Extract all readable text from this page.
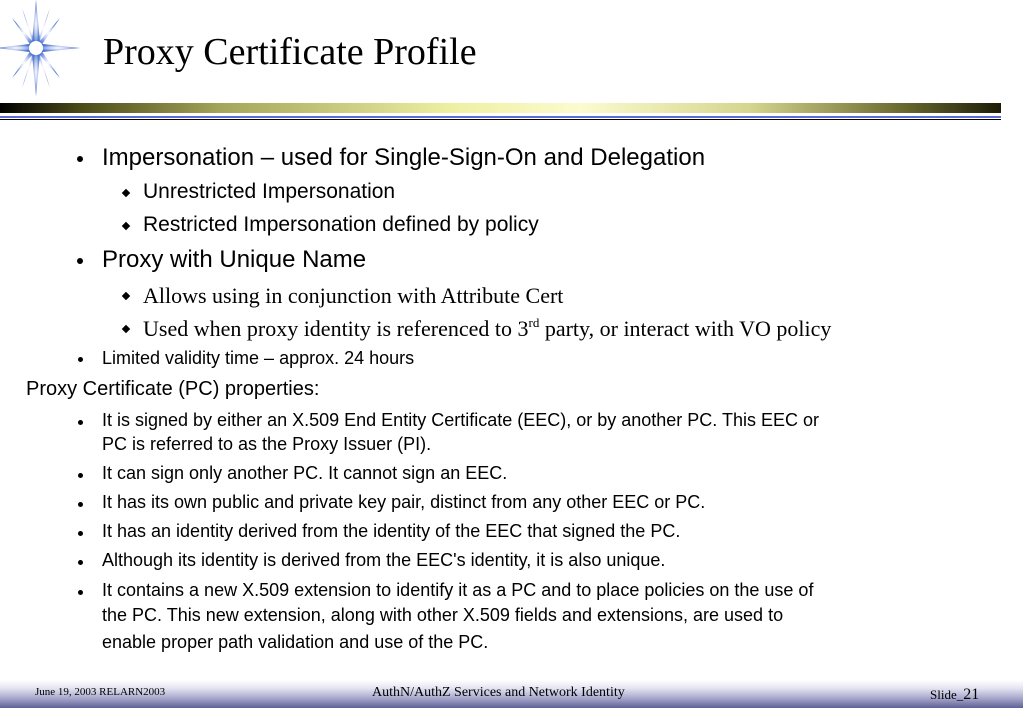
Proxy Certificate Profile
Impersonation – used for Single-Sign-On and Delegation
Unrestricted Impersonation
Restricted Impersonation defined by policy
Proxy with Unique Name
Allows using in conjunction with Attribute Cert
Used when proxy identity is referenced to 3rd party, or interact with VO policy
Limited validity time – approx. 24 hours
Proxy Certificate (PC) properties:
It is signed by either an X.509 End Entity Certificate (EEC), or by another PC. This EEC or
PC is referred to as the Proxy Issuer (PI).
It can sign only another PC. It cannot sign an EEC.
It has its own public and private key pair, distinct from any other EEC or PC.
It has an identity derived from the identity of the EEC that signed the PC.
Although its identity is derived from the EEC's identity, it is also unique.
It contains a new X.509 extension to identify it as a PC and to place policies on the use of
the PC. This new extension, along with other X.509 fields and extensions, are used to
enable proper path validation and use of the PC.
June 19, 2003 RELARN2003	AuthN/AuthZ Services and Network Identity	Slide_21
